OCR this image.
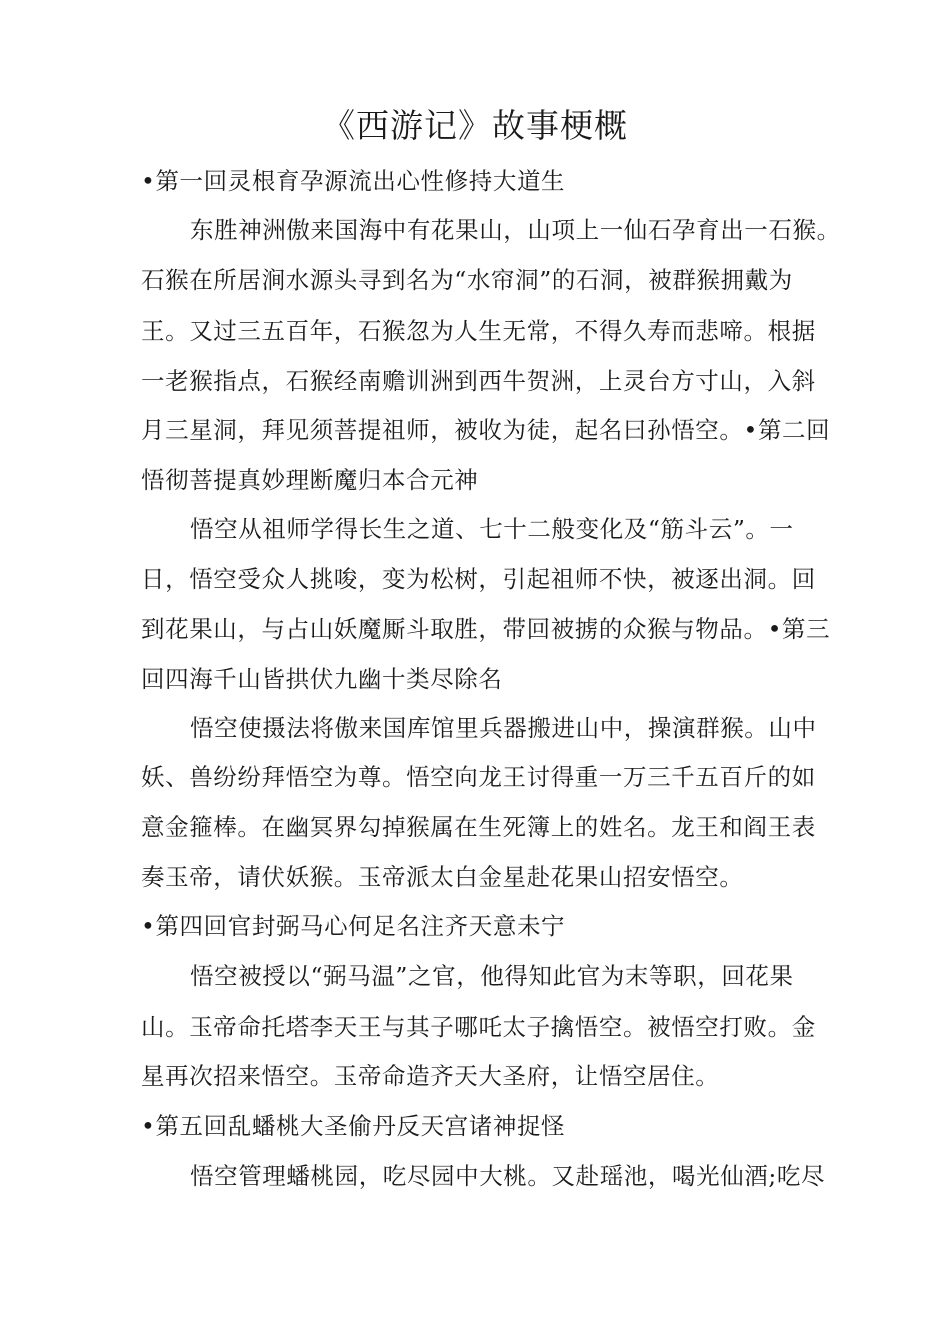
《西游记》故事梗概

•第一回灵根育孕源流出心性修持大道生

东胜神洲傲来国海中有花果山，山项上一仙石孕育出一石猴。

石猴在所居涧水源头寻到名为“水帘洞”的石洞，被群猴拥戴为

王。又过三五百年，石猴忽为人生无常，不得久寿而悲啼。根据

一老猴指点，石猴经南赡训洲到西牛贺洲，上灵台方寸山，入斜

月三星洞，拜见须菩提祖师，被收为徒，起名曰孙悟空。•第二回

悟彻菩提真妙理断魔归本合元神

悟空从祖师学得长生之道、七十二般变化及“筋斗云”。一

日，悟空受众人挑唆，变为松树，引起祖师不快，被逐出洞。回

到花果山，与占山妖魔厮斗取胜，带回被掳的众猴与物品。•第三

回四海千山皆拱伏九幽十类尽除名

悟空使摄法将傲来国库馆里兵器搬进山中，操演群猴。山中

妖、兽纷纷拜悟空为尊。悟空向龙王讨得重一万三千五百斤的如

意金箍棒。在幽冥界勾掉猴属在生死簿上的姓名。龙王和阎王表

奏玉帝，请伏妖猴。玉帝派太白金星赴花果山招安悟空。

•第四回官封弼马心何足名注齐天意未宁

悟空被授以“弼马温”之官，他得知此官为末等职，回花果

山。玉帝命托塔李天王与其子哪吒太子擒悟空。被悟空打败。金

星再次招来悟空。玉帝命造齐天大圣府，让悟空居住。

•第五回乱蟠桃大圣偷丹反天宫诸神捉怪

悟空管理蟠桃园，吃尽园中大桃。又赴瑶池，喝光仙酒;吃尽
